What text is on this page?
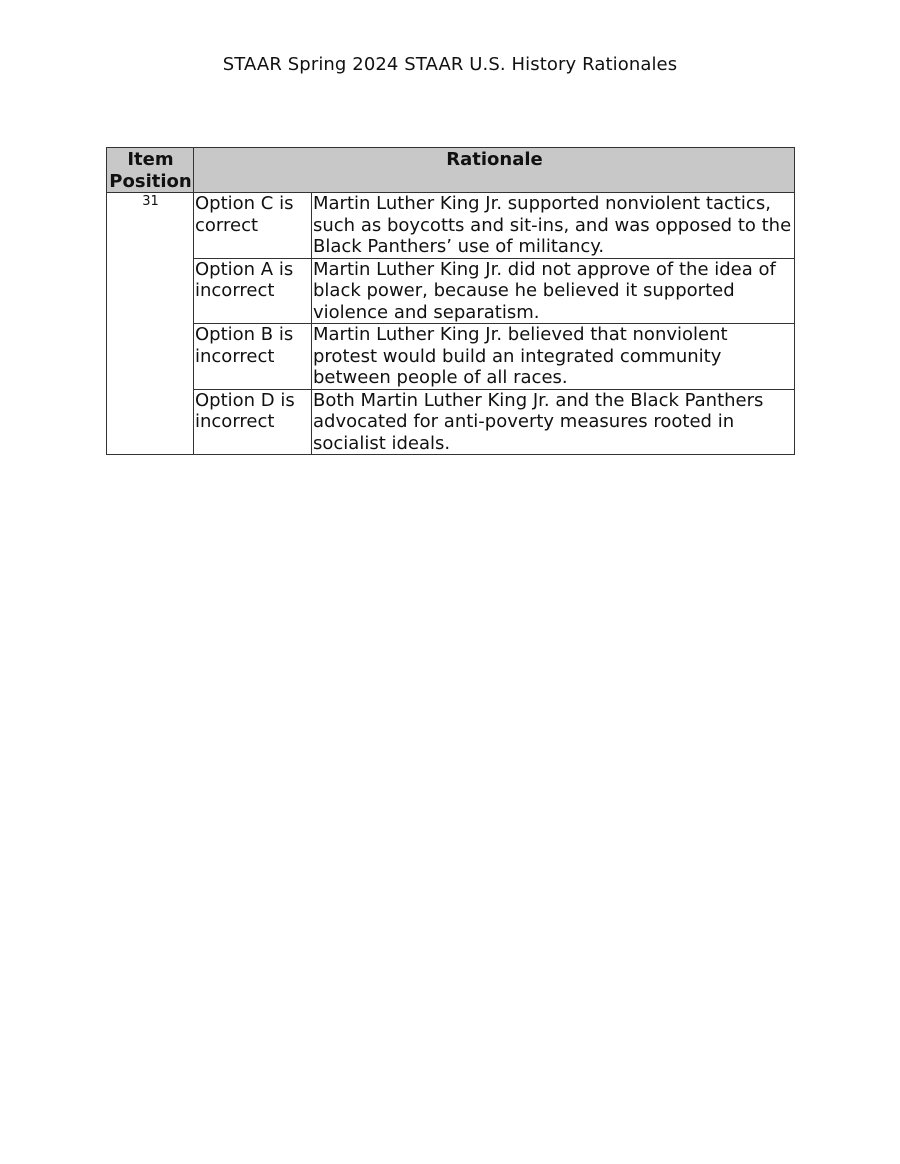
STAAR Spring 2024 STAAR U.S. History Rationales
Item Position	Rationale	
31	Option C is correct	Martin Luther King Jr. supported nonviolent tactics, such as boycotts and sit-ins, and was opposed to the Black Panthers’ use of militancy.
	Option A is incorrect	Martin Luther King Jr. did not approve of the idea of black power, because he believed it supported violence and separatism.
	Option B is incorrect	Martin Luther King Jr. believed that nonviolent protest would build an integrated community between people of all races.
	Option D is incorrect	Both Martin Luther King Jr. and the Black Panthers advocated for anti-poverty measures rooted in socialist ideals.
